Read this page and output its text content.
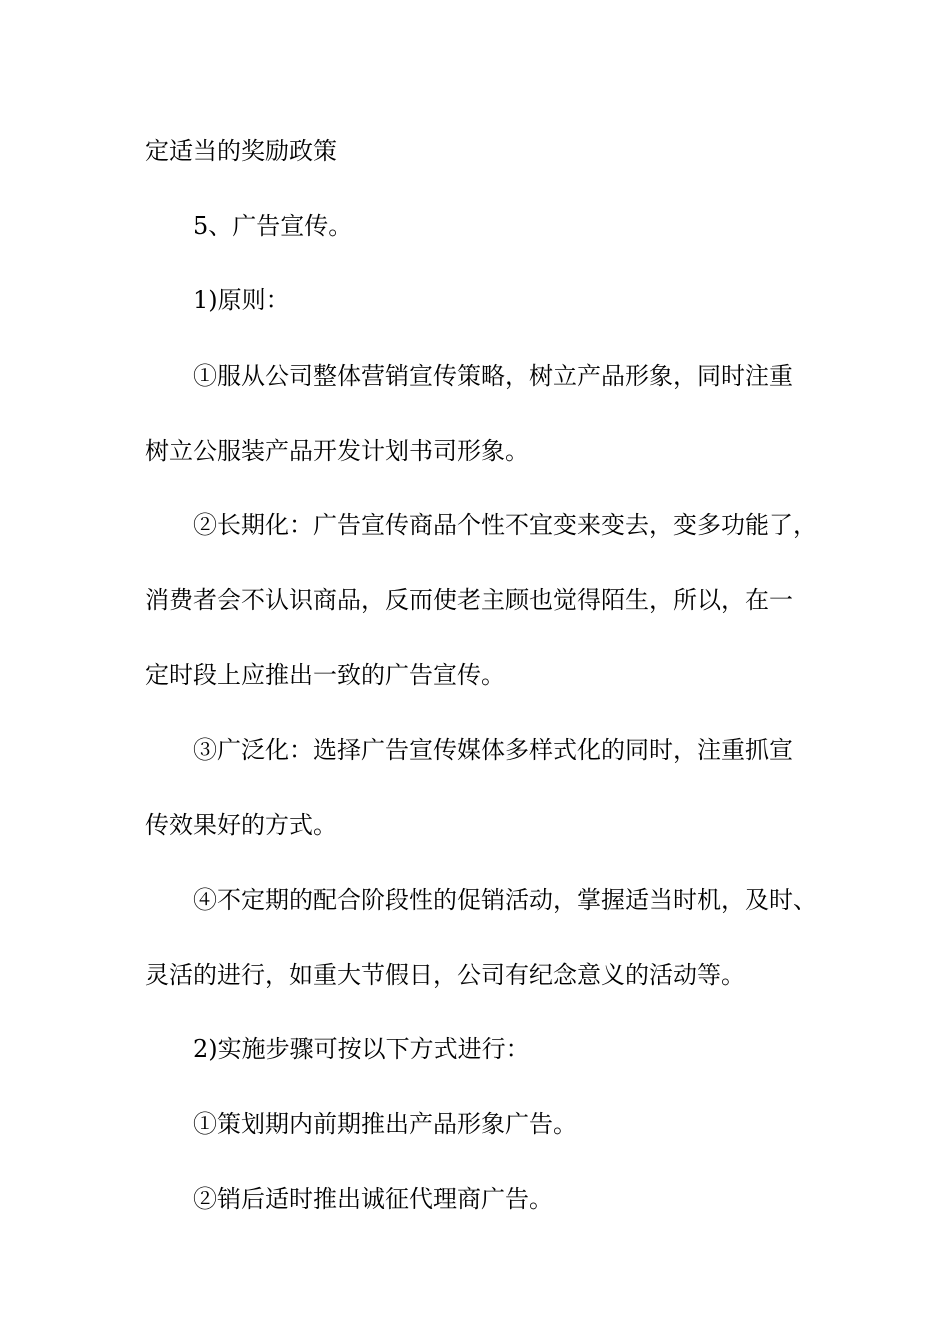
定适当的奖励政策
5、广告宣传。
1)原则：
①服从公司整体营销宣传策略，树立产品形象，同时注重
树立公服装产品开发计划书司形象。
②长期化：广告宣传商品个性不宜变来变去，变多功能了，
消费者会不认识商品，反而使老主顾也觉得陌生，所以，在一
定时段上应推出一致的广告宣传。
③广泛化：选择广告宣传媒体多样式化的同时，注重抓宣
传效果好的方式。
④不定期的配合阶段性的促销活动，掌握适当时机，及时、
灵活的进行，如重大节假日，公司有纪念意义的活动等。
2)实施步骤可按以下方式进行：
①策划期内前期推出产品形象广告。
②销后适时推出诚征代理商广告。
